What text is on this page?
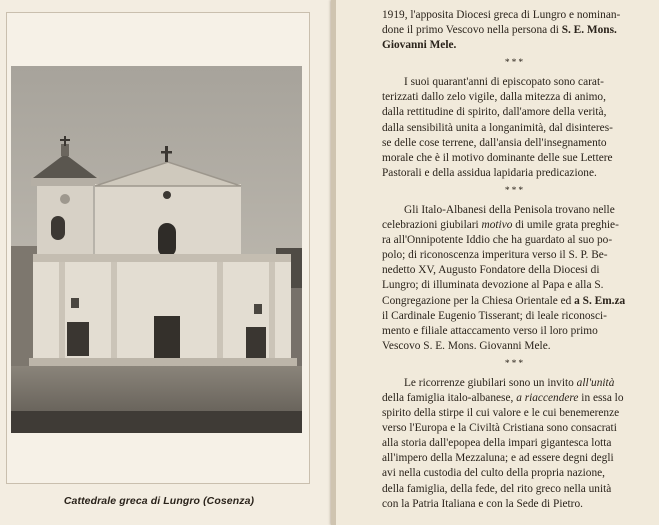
Cattedrale greca di Lungro (Cosenza)

1919, l'apposita Diocesi greca di Lungro e nominan-
done il primo Vescovo nella persona di S. E. Mons.
Giovanni Mele.

***

I suoi quarant'anni di episcopato sono carat-
terizzati dallo zelo vigile, dalla mitezza di animo,
dalla rettitudine di spirito, dall'amore della verità,
dalla sensibilità unita a longanimità, dal disinteres-
se delle cose terrene, dall'ansia dell'insegnamento
morale che è il motivo dominante delle sue Lettere
Pastorali e della assidua lapidaria predicazione.

***

Gli Italo-Albanesi della Penisola trovano nelle
celebrazioni giubilari motivo di umile grata preghie-
ra all'Onnipotente Iddio che ha guardato al suo po-
polo; di riconoscenza imperitura verso il S. P. Be-
nedetto XV, Augusto Fondatore della Diocesi di
Lungro; di illuminata devozione al Papa e alla S.
Congregazione per la Chiesa Orientale ed a S. Em.za
il Cardinale Eugenio Tisserant; di leale riconosci-
mento e filiale attaccamento verso il loro primo
Vescovo S. E. Mons. Giovanni Mele.

***

Le ricorrenze giubilari sono un invito all'unità
della famiglia italo-albanese, a riaccendere in essa lo
spirito della stirpe il cui valore e le cui benemerenze
verso l'Europa e la Civiltà Cristiana sono consacrati
alla storia dall'epopea della impari gigantesca lotta
all'impero della Mezzaluna; e ad essere degni degli
avi nella custodia del culto della propria nazione,
della famiglia, della fede, del rito greco nella unità
con la Patria Italiana e con la Sede di Pietro.
